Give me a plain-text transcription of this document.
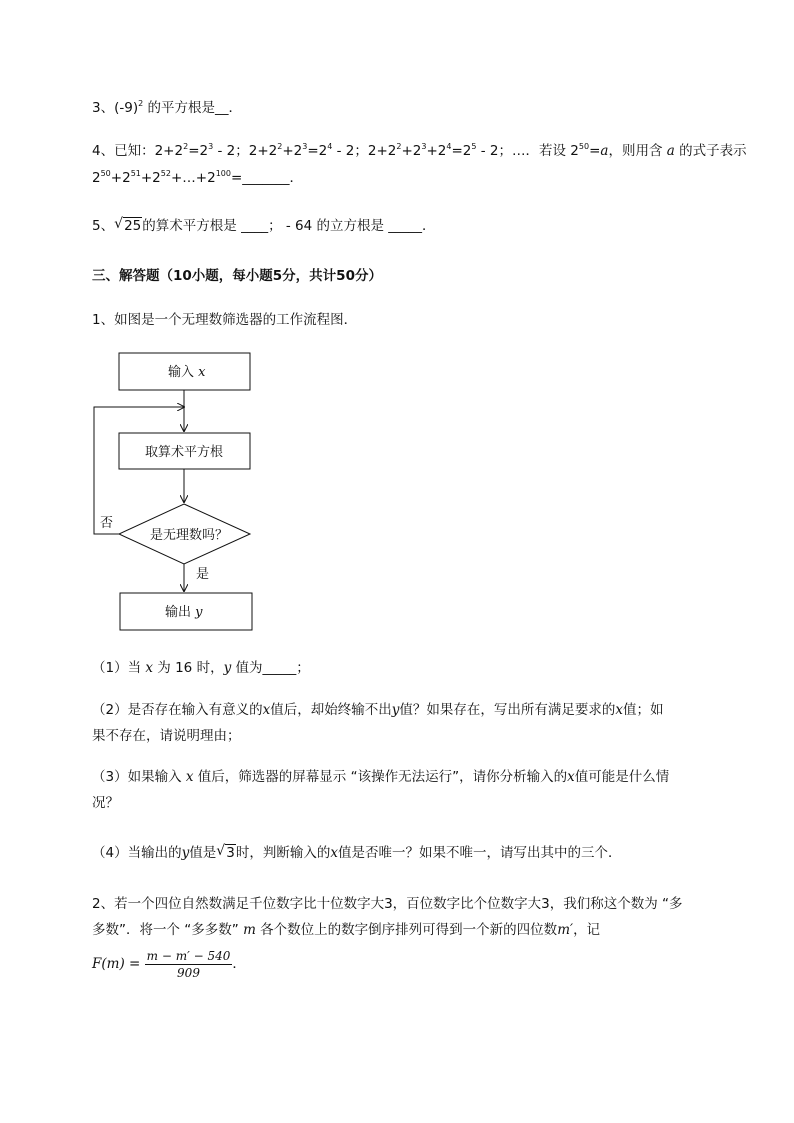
3、$(-9)^2$ 的平方根是__．
4、已知：$2+2^2=2^3 - 2$；$2+2^2+2^3=2^4 - 2$；$2+2^2+2^3+2^4=2^5 - 2$；…．若设 $2^{50}=a$，则用含 a 的式子表示
$2^{50}+2^{51}+2^{52}+\dots+2^{100}=\_\_\_\_\_\_\_$．
5、 √ 25的算术平方根是 ____； - 64 的立方根是 _____．
三、解答题（10小题，每小题5分，共计50分）
1、如图是一个无理数筛选器的工作流程图．
输入 x
取算术平方根
是无理数吗？
否
是
输出 y
（1）当 x 为 16 时，y 值为_____；
（2）是否存在输入有意义的x值后，却始终输不出y值？如果存在，写出所有满足要求的x值；如
果不存在，请说明理由；
（3）如果输入 x 值后，筛选器的屏幕显示 “该操作无法运行”，请你分析输入的x值可能是什么情
况？
（4）当输出的y值是 √ 3时，判断输入的x值是否唯一？如果不唯一，请写出其中的三个．
2、若一个四位自然数满足千位数字比十位数字大3，百位数字比个位数字大3，我们称这个数为 “多
多数”．将一个 “多多数” m 各个数位上的数字倒序排列可得到一个新的四位数m′，记
$F(m) = \frac{m - m' - 540}{909}$ ．
